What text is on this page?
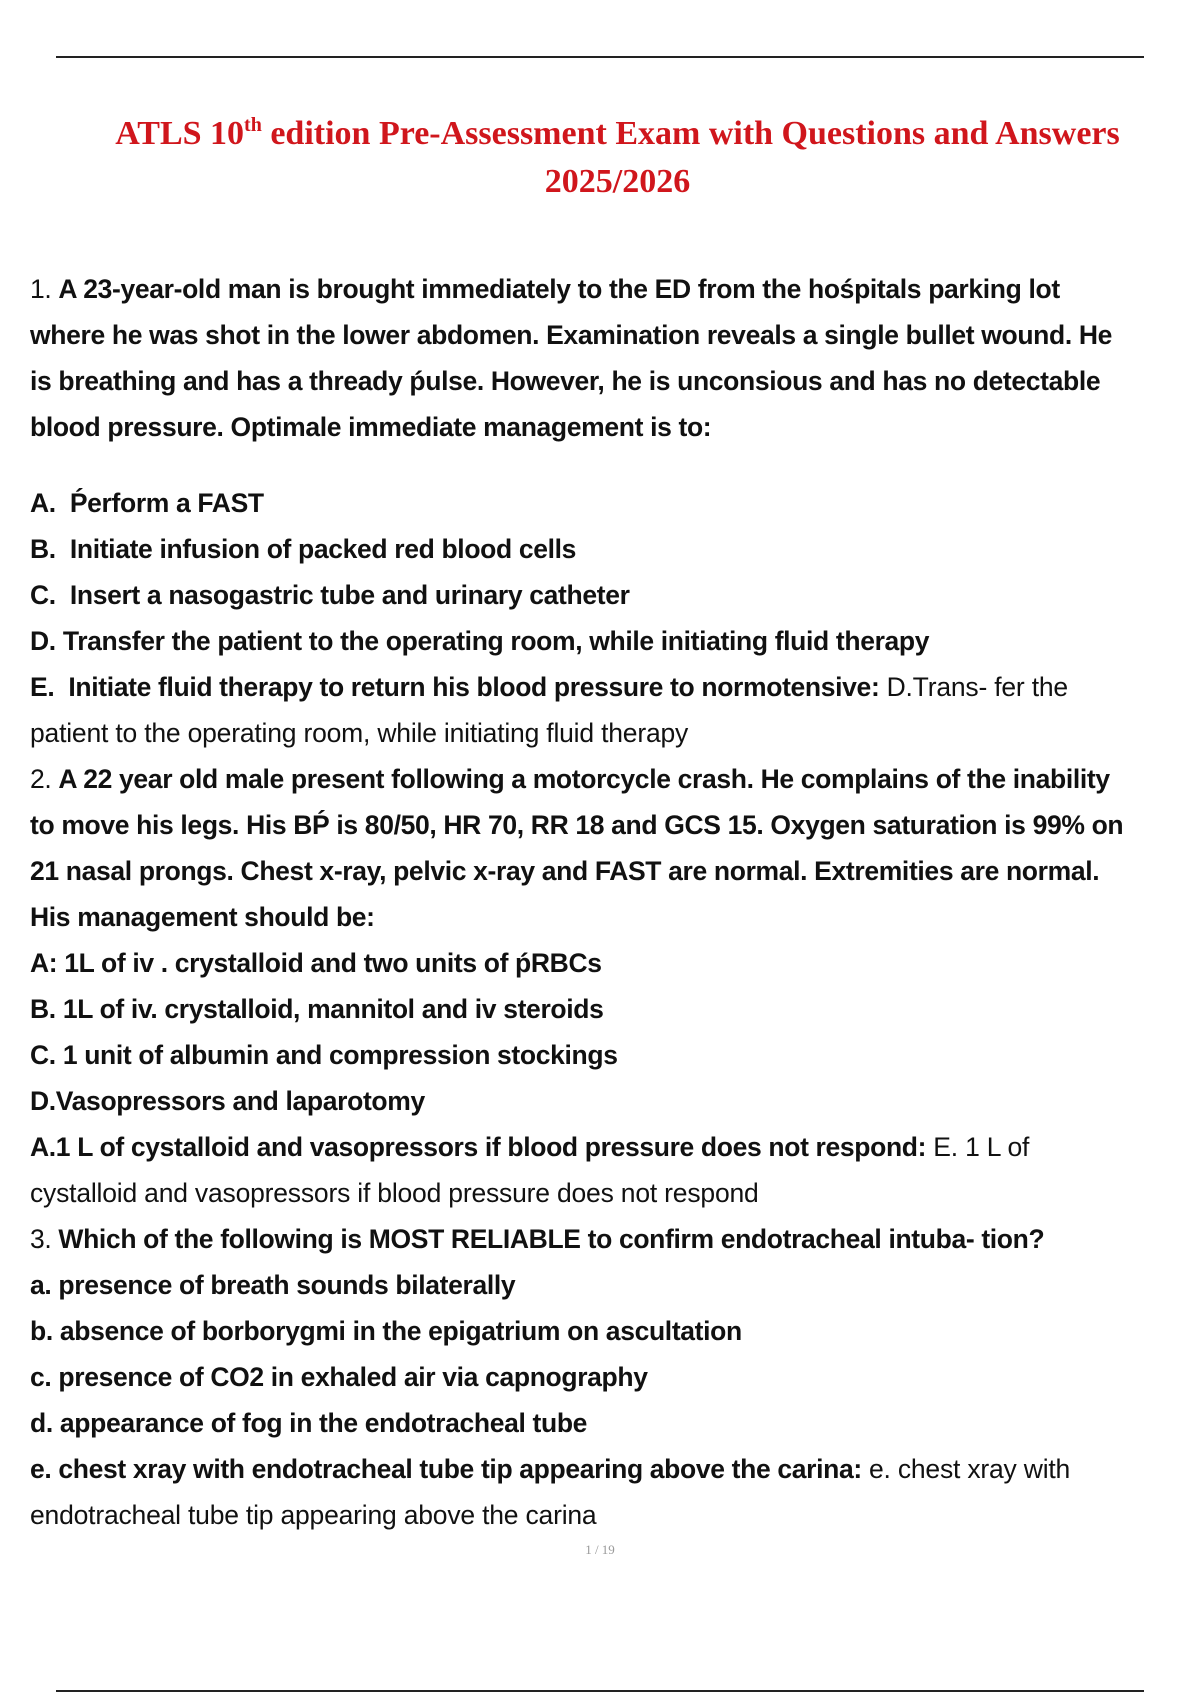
ATLS 10th edition Pre-Assessment Exam with Questions and Answers
2025/2026
1. A 23-year-old man is brought immediately to the ED from the hośpitals parking lot
where he was shot in the lower abdomen. Examination reveals a single bullet wound. He
is breathing and has a thready ṕulse. However, he is unconsious and has no detectable
blood pressure. Optimale immediate management is to:
A. Ṕerform a FAST
B. Initiate infusion of packed red blood cells
C. Insert a nasogastric tube and urinary catheter
D. Transfer the patient to the operating room, while initiating fluid therapy
E. Initiate fluid therapy to return his blood pressure to normotensive: D.Trans- fer the
patient to the operating room, while initiating fluid therapy
2. A 22 year old male present following a motorcycle crash. He complains of the inability
to move his legs. His BṔ is 80/50, HR 70, RR 18 and GCS 15. Oxygen saturation is 99% on
21 nasal prongs. Chest x-ray, pelvic x-ray and FAST are normal. Extremities are normal.
His management should be:
A: 1L of iv . crystalloid and two units of ṕRBCs
B. 1L of iv. crystalloid, mannitol and iv steroids
C. 1 unit of albumin and compression stockings
D.Vasopressors and laparotomy
A.1 L of cystalloid and vasopressors if blood pressure does not respond: E. 1 L of
cystalloid and vasopressors if blood pressure does not respond
3. Which of the following is MOST RELIABLE to confirm endotracheal intuba- tion?
a. presence of breath sounds bilaterally
b. absence of borborygmi in the epigatrium on ascultation
c. presence of CO2 in exhaled air via capnography
d. appearance of fog in the endotracheal tube
e. chest xray with endotracheal tube tip appearing above the carina: e. chest xray with
endotracheal tube tip appearing above the carina
1 / 19
